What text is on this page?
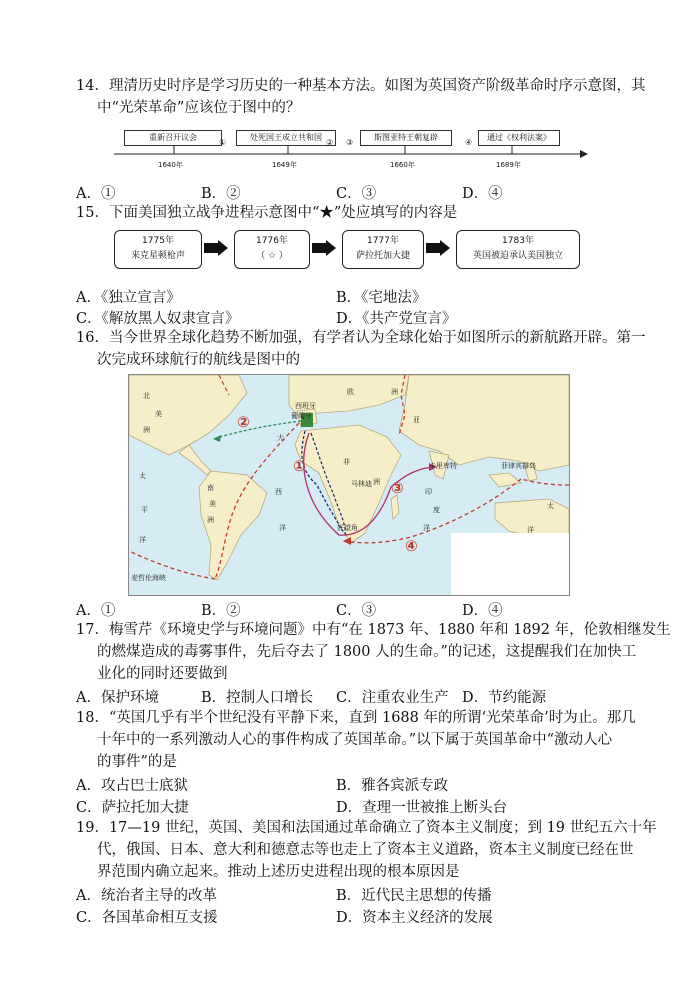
14．理清历史时序是学习历史的一种基本方法。如图为英国资产阶级革命时序示意图，其
中“光荣革命”应该位于图中的？
重新召开议会	处死国王成立共和国	斯图亚特王朝复辟	通过《权利法案》
1640年	1649年	1660年	1689年
①	② ③	④
A．①	B．②	C．③	D．④
15．下面美国独立战争进程示意图中“★”处应填写的内容是
1775年
来克星顿枪声
1776年
（ ☆ ）
1777年
萨拉托加大捷
1783年
英国被迫承认美国独立
A．《独立宣言》	B．《宅地法》
C．《解放黑人奴隶宣言》	D．《共产党宣言》
16．当今世界全球化趋势不断加强，有学者认为全球化始于如图所示的新航路开辟。第一
次完成环球航行的航线是图中的
北
美
洲
欧	洲
亚
西班牙
葡萄牙
非
洲
南
美
洲
大
西
洋
太
平
洋
印
度
洋
卡里库特	菲律宾群岛
马林迪
好望角
麦哲伦海峡
太
洋
①
②
③
④
A．①	B．②	C．③	D．④
17．梅雪芹《环境史学与环境问题》中有“在 1873 年、1880 年和 1892 年，伦敦相继发生
的燃煤造成的毒雾事件，先后夺去了 1800 人的生命。”的记述，这提醒我们在加快工
业化的同时还要做到
A．保护环境	B．控制人口增长 C．注重农业生产 D．节约能源
18．“英国几乎有半个世纪没有平静下来，直到 1688 年的所谓‘光荣革命’时为止。那几
十年中的一系列激动人心的事件构成了英国革命。”以下属于英国革命中“激动人心
的事件”的是
A．攻占巴士底狱	B．雅各宾派专政
C．萨拉托加大捷	D．查理一世被推上断头台
19．17—19 世纪，英国、美国和法国通过革命确立了资本主义制度；到 19 世纪五六十年
代，俄国、日本、意大利和德意志等也走上了资本主义道路，资本主义制度已经在世
界范围内确立起来。推动上述历史进程出现的根本原因是
A．统治者主导的改革	B．近代民主思想的传播
C．各国革命相互支援	D．资本主义经济的发展
